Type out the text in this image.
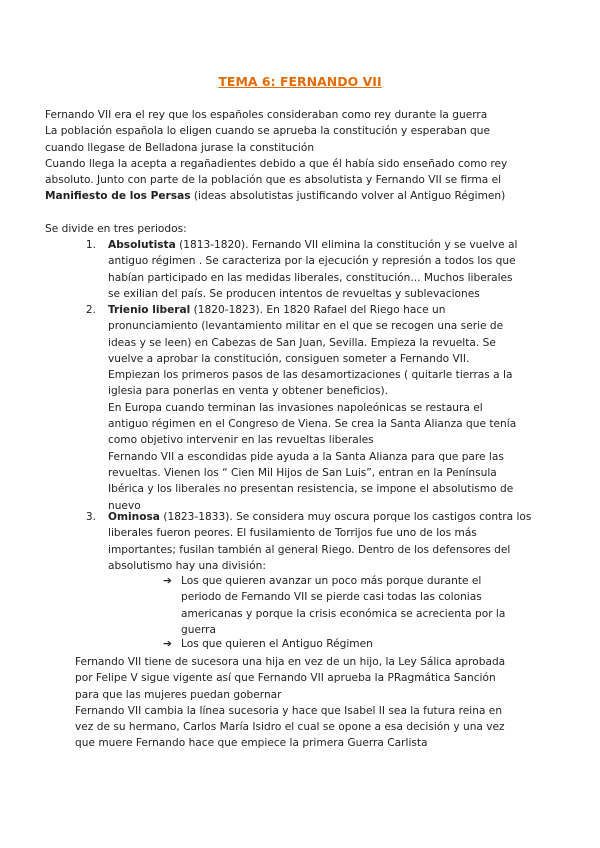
TEMA 6: FERNANDO VII
Fernando VII era el rey que los españoles consideraban como rey durante la guerra
La población española lo eligen cuando se aprueba la constitución y esperaban que
cuando llegase de Belladona jurase la constitución
Cuando llega la acepta a regañadientes debido a que él había sido enseñado como rey
absoluto. Junto con parte de la población que es absolutista y Fernando VII se firma el
Manifiesto de los Persas (ideas absolutistas justificando volver al Antiguo Régimen)
Se divide en tres periodos:
1. Absolutista (1813-1820). Fernando VII elimina la constitución y se vuelve al
antiguo régimen . Se caracteriza por la ejecución y represión a todos los que
habían participado en las medidas liberales, constitución... Muchos liberales
se exilian del país. Se producen intentos de revueltas y sublevaciones
2. Trienio liberal (1820-1823). En 1820 Rafael del Riego hace un
pronunciamiento (levantamiento militar en el que se recogen una serie de
ideas y se leen) en Cabezas de San Juan, Sevilla. Empieza la revuelta. Se
vuelve a aprobar la constitución, consiguen someter a Fernando VII.
Empiezan los primeros pasos de las desamortizaciones ( quitarle tierras a la
iglesia para ponerlas en venta y obtener beneficios).
En Europa cuando terminan las invasiones napoleónicas se restaura el
antiguo régimen en el Congreso de Viena. Se crea la Santa Alianza que tenía
como objetivo intervenir en las revueltas liberales
Fernando VII a escondidas pide ayuda a la Santa Alianza para que pare las
revueltas. Vienen los “ Cien Mil Hijos de San Luis”, entran en la Península
Ibérica y los liberales no presentan resistencia, se impone el absolutismo de
nuevo
3. Ominosa (1823-1833). Se considera muy oscura porque los castigos contra los
liberales fueron peores. El fusilamiento de Torrijos fue uno de los más
importantes; fusilan también al general Riego. Dentro de los defensores del
absolutismo hay una división:
➔ Los que quieren avanzar un poco más porque durante el
periodo de Fernando VII se pierde casi todas las colonias
americanas y porque la crisis económica se acrecienta por la
guerra
➔ Los que quieren el Antiguo Régimen
Fernando VII tiene de sucesora una hija en vez de un hijo, la Ley Sálica aprobada
por Felipe V sigue vigente así que Fernando VII aprueba la PRagmática Sanción
para que las mujeres puedan gobernar
Fernando VII cambia la línea sucesoria y hace que Isabel II sea la futura reina en
vez de su hermano, Carlos María Isidro el cual se opone a esa decisión y una vez
que muere Fernando hace que empiece la primera Guerra Carlista
